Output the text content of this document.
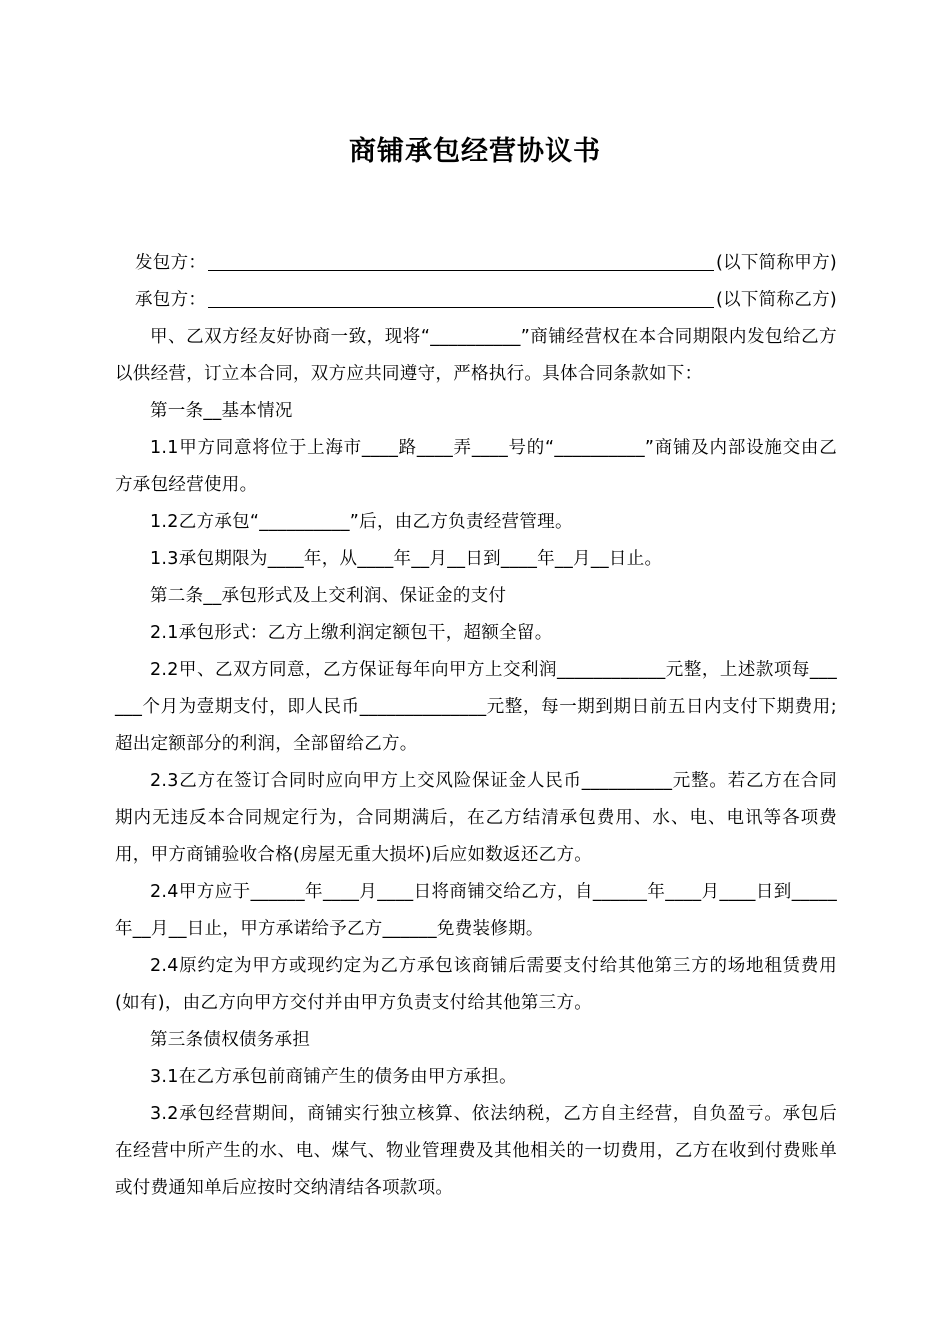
商铺承包经营协议书
发包方：	(以下简称甲方)
承包方：	(以下简称乙方)

甲、乙双方经友好协商一致，现将“__________”商铺经营权在本合同期限内发包给乙方以供经营，订立本合同，双方应共同遵守，严格执行。具体合同条款如下：

第一条__基本情况

1.1甲方同意将位于上海市____路____弄____号的“__________”商铺及内部设施交由乙方承包经营使用。

1.2乙方承包“__________”后，由乙方负责经营管理。

1.3承包期限为____年，从____年__月__日到____年__月__日止。

第二条__承包形式及上交利润、保证金的支付

2.1承包形式：乙方上缴利润定额包干，超额全留。

2.2甲、乙双方同意，乙方保证每年向甲方上交利润____________元整，上述款项每______个月为壹期支付，即人民币______________元整，每一期到期日前五日内支付下期费用;超出定额部分的利润，全部留给乙方。

2.3乙方在签订合同时应向甲方上交风险保证金人民币__________元整。若乙方在合同期内无违反本合同规定行为，合同期满后，在乙方结清承包费用、水、电、电讯等各项费用，甲方商铺验收合格(房屋无重大损坏)后应如数返还乙方。

2.4甲方应于______年____月____日将商铺交给乙方，自______年____月____日到_____年__月__日止，甲方承诺给予乙方______免费装修期。

2.4原约定为甲方或现约定为乙方承包该商铺后需要支付给其他第三方的场地租赁费用(如有)，由乙方向甲方交付并由甲方负责支付给其他第三方。

第三条债权债务承担

3.1在乙方承包前商铺产生的债务由甲方承担。

3.2承包经营期间，商铺实行独立核算、依法纳税，乙方自主经营，自负盈亏。承包后在经营中所产生的水、电、煤气、物业管理费及其他相关的一切费用，乙方在收到付费账单或付费通知单后应按时交纳清结各项款项。
